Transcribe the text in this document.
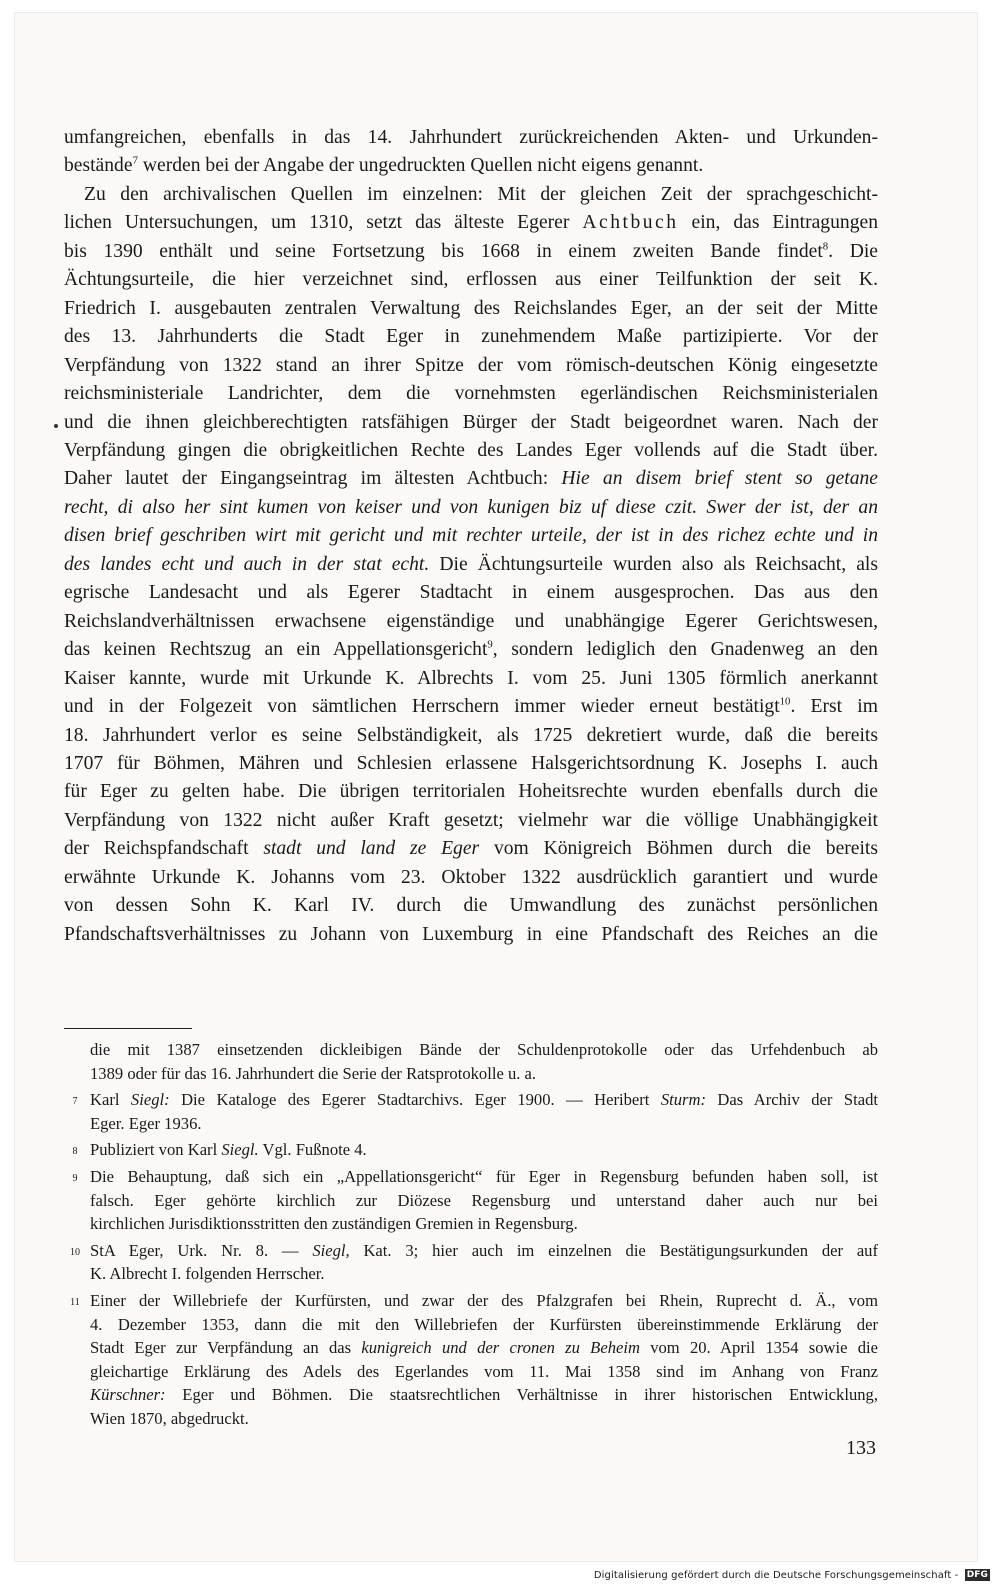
umfangreichen, ebenfalls in das 14. Jahrhundert zurückreichenden Akten- und Urkunden-
bestände$^7$ werden bei der Angabe der ungedruckten Quellen nicht eigens genannt.
Zu den archivalischen Quellen im einzelnen: Mit der gleichen Zeit der sprachgeschicht-
lichen Untersuchungen, um 1310, setzt das älteste Egerer Achtbuch ein, das Eintragungen
bis 1390 enthält und seine Fortsetzung bis 1668 in einem zweiten Bande findet$^8$. Die
Ächtungsurteile, die hier verzeichnet sind, erflossen aus einer Teilfunktion der seit K.
Friedrich I. ausgebauten zentralen Verwaltung des Reichslandes Eger, an der seit der Mitte
des 13. Jahrhunderts die Stadt Eger in zunehmendem Maße partizipierte. Vor der
Verpfändung von 1322 stand an ihrer Spitze der vom römisch-deutschen König eingesetzte
reichsministeriale Landrichter, dem die vornehmsten egerländischen Reichsministerialen
und die ihnen gleichberechtigten ratsfähigen Bürger der Stadt beigeordnet waren. Nach der
Verpfändung gingen die obrigkeitlichen Rechte des Landes Eger vollends auf die Stadt über.
Daher lautet der Eingangseintrag im ältesten Achtbuch: Hie an disem brief stent so getane
recht, di also her sint kumen von keiser und von kunigen biz uf diese czit. Swer der ist, der an
disen brief geschriben wirt mit gericht und mit rechter urteile, der ist in des richez echte und in
des landes echt und auch in der stat echt. Die Ächtungsurteile wurden also als Reichsacht, als
egrische Landesacht und als Egerer Stadtacht in einem ausgesprochen. Das aus den
Reichslandverhältnissen erwachsene eigenständige und unabhängige Egerer Gerichtswesen,
das keinen Rechtszug an ein Appellationsgericht$^9$, sondern lediglich den Gnadenweg an den
Kaiser kannte, wurde mit Urkunde K. Albrechts I. vom 25. Juni 1305 förmlich anerkannt
und in der Folgezeit von sämtlichen Herrschern immer wieder erneut bestätigt$^{10}$. Erst im
18. Jahrhundert verlor es seine Selbständigkeit, als 1725 dekretiert wurde, daß die bereits
1707 für Böhmen, Mähren und Schlesien erlassene Halsgerichtsordnung K. Josephs I. auch
für Eger zu gelten habe. Die übrigen territorialen Hoheitsrechte wurden ebenfalls durch die
Verpfändung von 1322 nicht außer Kraft gesetzt; vielmehr war die völlige Unabhängigkeit
der Reichspfandschaft stadt und land ze Eger vom Königreich Böhmen durch die bereits
erwähnte Urkunde K. Johanns vom 23. Oktober 1322 ausdrücklich garantiert und wurde
von dessen Sohn K. Karl IV. durch die Umwandlung des zunächst persönlichen
Pfandschaftsverhältnisses zu Johann von Luxemburg in eine Pfandschaft des Reiches an die
die mit 1387 einsetzenden dickleibigen Bände der Schuldenprotokolle oder das Urfehdenbuch ab
1389 oder für das 16. Jahrhundert die Serie der Ratsprotokolle u. a.
7 Karl Siegl: Die Kataloge des Egerer Stadtarchivs. Eger 1900. — Heribert Sturm: Das Archiv der Stadt
Eger. Eger 1936.
8 Publiziert von Karl Siegl. Vgl. Fußnote 4.
9 Die Behauptung, daß sich ein „Appellationsgericht“ für Eger in Regensburg befunden haben soll, ist
falsch. Eger gehörte kirchlich zur Diözese Regensburg und unterstand daher auch nur bei
kirchlichen Jurisdiktionsstritten den zuständigen Gremien in Regensburg.
10 StA Eger, Urk. Nr. 8. — Siegl, Kat. 3; hier auch im einzelnen die Bestätigungsurkunden der auf
K. Albrecht I. folgenden Herrscher.
11 Einer der Willebriefe der Kurfürsten, und zwar der des Pfalzgrafen bei Rhein, Ruprecht d. Ä., vom
4. Dezember 1353, dann die mit den Willebriefen der Kurfürsten übereinstimmende Erklärung der
Stadt Eger zur Verpfändung an das kunigreich und der cronen zu Beheim vom 20. April 1354 sowie die
gleichartige Erklärung des Adels des Egerlandes vom 11. Mai 1358 sind im Anhang von Franz
Kürschner: Eger und Böhmen. Die staatsrechtlichen Verhältnisse in ihrer historischen Entwicklung,
Wien 1870, abgedruckt.
133
Digitalisierung gefördert durch die Deutsche Forschungsgemeinschaft - DFG
